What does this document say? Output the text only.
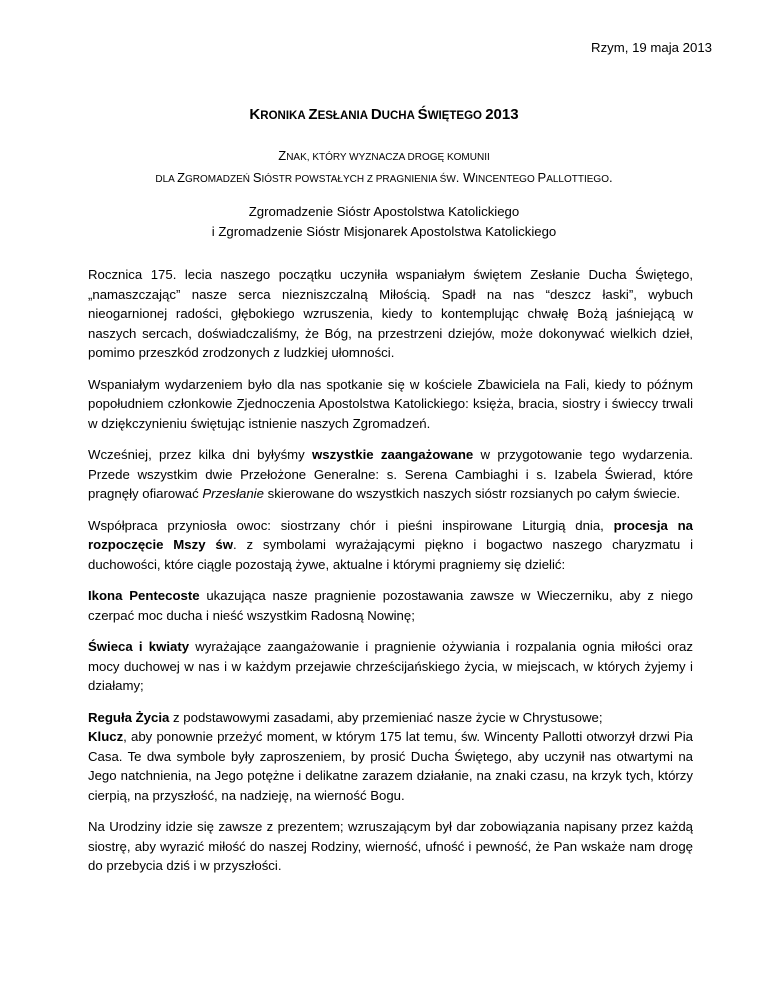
Rzym, 19 maja 2013
KRONIKA ZESŁANIA DUCHA ŚWIĘTEGO 2013
ZNAK, KTÓRY WYZNACZA DROGĘ KOMUNII
DLA ZGROMADZEŃ SIÓSTR POWSTAŁYCH Z PRAGNIENIA ŚW. WINCENTEGO PALLOTTIEGO.
Zgromadzenie Sióstr Apostolstwa Katolickiego
i Zgromadzenie Sióstr Misjonarek Apostolstwa Katolickiego

Rocznica 175. lecia naszego początku uczyniła wspaniałym świętem Zesłanie Ducha Świętego, „namaszczając” nasze serca niezniszczalną Miłością. Spadł na nas “deszcz łaski”, wybuch nieogarnionej radości, głębokiego wzruszenia, kiedy to kontemplując chwałę Bożą jaśniejącą w naszych sercach, doświadczaliśmy, że Bóg, na przestrzeni dziejów, może dokonywać wielkich dzieł, pomimo przeszkód zrodzonych z ludzkiej ułomności.

Wspaniałym wydarzeniem było dla nas spotkanie się w kościele Zbawiciela na Fali, kiedy to późnym popołudniem członkowie Zjednoczenia Apostolstwa Katolickiego: księża, bracia, siostry i świeccy trwali w dziękczynieniu świętując istnienie naszych Zgromadzeń.

Wcześniej, przez kilka dni byłyśmy wszystkie zaangażowane w przygotowanie tego wydarzenia. Przede wszystkim dwie Przełożone Generalne: s. Serena Cambiaghi i s. Izabela Świerad, które pragnęły ofiarować Przesłanie skierowane do wszystkich naszych sióstr rozsianych po całym świecie.

Współpraca przyniosła owoc: siostrzany chór i pieśni inspirowane Liturgią dnia, procesja na rozpoczęcie Mszy św. z symbolami wyrażającymi piękno i bogactwo naszego charyzmatu i duchowości, które ciągle pozostają żywe, aktualne i którymi pragniemy się dzielić:

Ikona Pentecoste ukazująca nasze pragnienie pozostawania zawsze w Wieczerniku, aby z niego czerpać moc ducha i nieść wszystkim Radosną Nowinę;

Świeca i kwiaty wyrażające zaangażowanie i pragnienie ożywiania i rozpalania ognia miłości oraz mocy duchowej w nas i w każdym przejawie chrześcijańskiego życia, w miejscach, w których żyjemy i działamy;

Reguła Życia z podstawowymi zasadami, aby przemieniać nasze życie w Chrystusowe;

Klucz, aby ponownie przeżyć moment, w którym 175 lat temu, św. Wincenty Pallotti otworzył drzwi Pia Casa. Te dwa symbole były zaproszeniem, by prosić Ducha Świętego, aby uczynił nas otwartymi na Jego natchnienia, na Jego potężne i delikatne zarazem działanie, na znaki czasu, na krzyk tych, którzy cierpią, na przyszłość, na nadzieję, na wierność Bogu.

Na Urodziny idzie się zawsze z prezentem; wzruszającym był dar zobowiązania napisany przez każdą siostrę, aby wyrazić miłość do naszej Rodziny, wierność, ufność i pewność, że Pan wskaże nam drogę do przebycia dziś i w przyszłości.
